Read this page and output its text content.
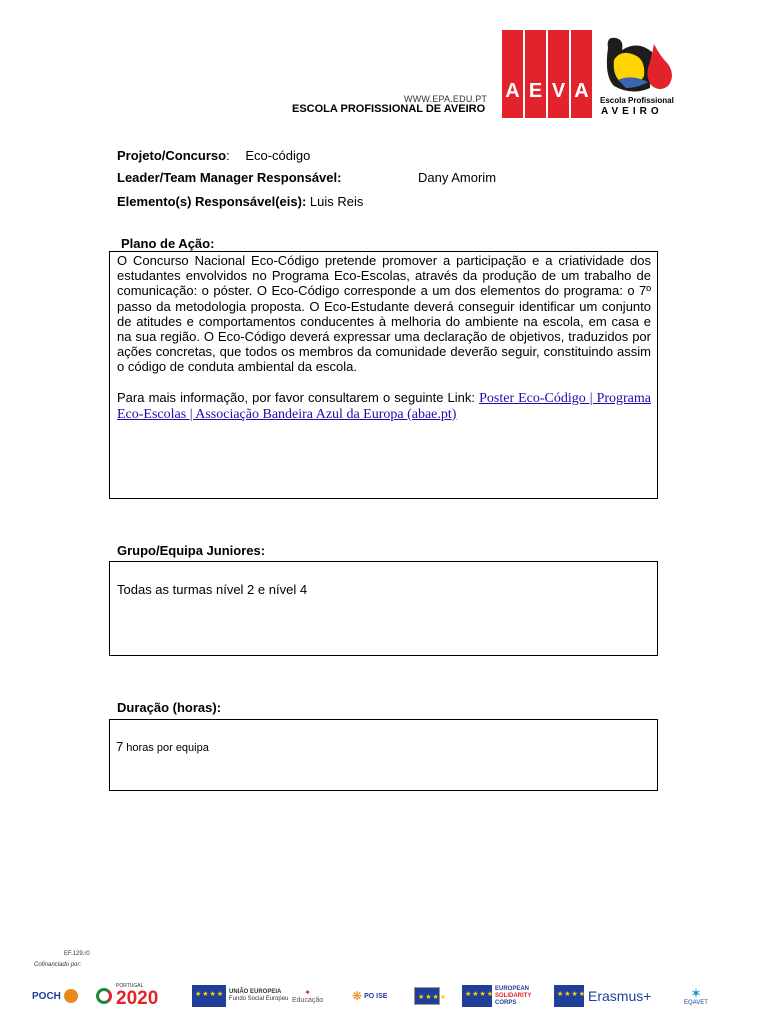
WWW.EPA.EDU.PT
ESCOLA PROFISSIONAL DE AVEIRO
A E V A	Escola Profissional
AVEIRO
Projeto/Concurso: Eco-código
Leader/Team Manager Responsável:	Dany Amorim
Elemento(s) Responsável(eis): Luis Reis
Plano de Ação:

O Concurso Nacional Eco-Código pretende promover a participação e a criatividade dos estudantes envolvidos no Programa Eco-Escolas, através da produção de um trabalho de comunicação: o póster. O Eco-Código corresponde a um dos elementos do programa: o 7º passo da metodologia proposta. O Eco-Estudante deverá conseguir identificar um conjunto de atitudes e comportamentos conducentes à melhoria do ambiente na escola, em casa e na sua região. O Eco-Código deverá expressar uma declaração de objetivos, traduzidos por ações concretas, que todos os membros da comunidade deverão seguir, constituindo assim o código de conduta ambiental da escola.

Para mais informação, por favor consultarem o seguinte Link: Poster Eco-Código | Programa Eco-Escolas | Associação Bandeira Azul da Europa (abae.pt)

Grupo/Equipa Juniores:
Todas as turmas nível 2 e nível 4
Duração (horas):
7 horas por equipa
EF.129.r0
Cofinanciado por:
POCH
PORTUGAL
2020 ★★★★	UNIÃO EUROPEIA
Fundo Social Europeu
✦
Educação ❋ PO ISE
★★★★
★★★★
EUROPEAN
SOLIDARITY
CORPS ★★★★	Erasmus+	✶
EQAVET
